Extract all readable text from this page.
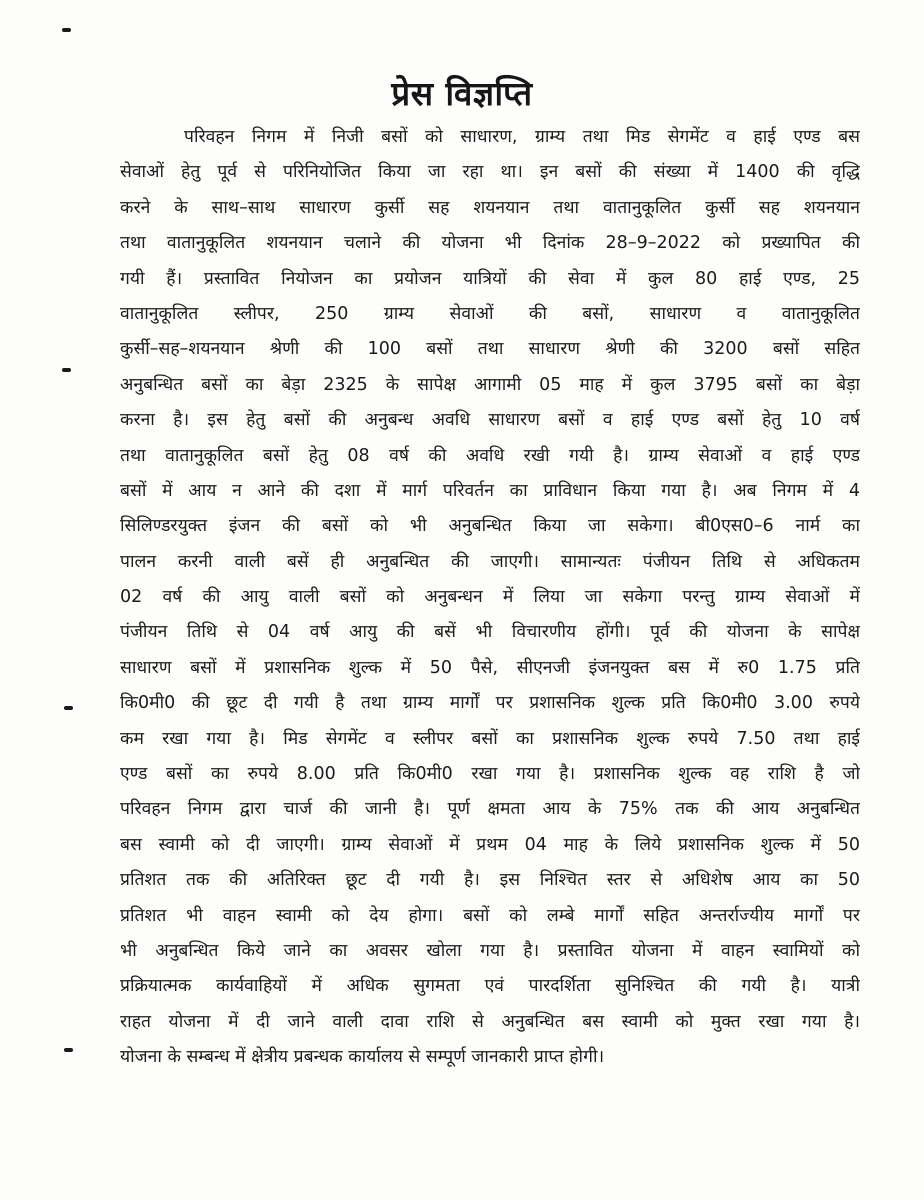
प्रेस विज्ञप्ति
परिवहन निगम में निजी बसों को साधारण, ग्राम्य तथा मिड सेगमेंट व हाई एण्ड बस
सेवाओं हेतु पूर्व से परिनियोजित किया जा रहा था। इन बसों की संख्या में 1400 की वृद्धि
करने के साथ–साथ साधारण कुर्सी सह शयनयान तथा वातानुकूलित कुर्सी सह शयनयान
तथा वातानुकूलित शयनयान चलाने की योजना भी दिनांक 28–9–2022 को प्रख्यापित की
गयी हैं। प्रस्तावित नियोजन का प्रयोजन यात्रियों की सेवा में कुल 80 हाई एण्ड, 25
वातानुकूलित स्लीपर, 250 ग्राम्य सेवाओं की बसों, साधारण व वातानुकूलित
कुर्सी–सह–शयनयान श्रेणी की 100 बसों तथा साधारण श्रेणी की 3200 बसों सहित
अनुबन्धित बसों का बेड़ा 2325 के सापेक्ष आगामी 05 माह में कुल 3795 बसों का बेड़ा
करना है। इस हेतु बसों की अनुबन्ध अवधि साधारण बसों व हाई एण्ड बसों हेतु 10 वर्ष
तथा वातानुकूलित बसों हेतु 08 वर्ष की अवधि रखी गयी है। ग्राम्य सेवाओं व हाई एण्ड
बसों में आय न आने की दशा में मार्ग परिवर्तन का प्राविधान किया गया है। अब निगम में 4
सिलिण्डरयुक्त इंजन की बसों को भी अनुबन्धित किया जा सकेगा। बी0एस0–6 नार्म का
पालन करनी वाली बसें ही अनुबन्धित की जाएगी। सामान्यतः पंजीयन तिथि से अधिकतम
02 वर्ष की आयु वाली बसों को अनुबन्धन में लिया जा सकेगा परन्तु ग्राम्य सेवाओं में
पंजीयन तिथि से 04 वर्ष आयु की बसें भी विचारणीय होंगी। पूर्व की योजना के सापेक्ष
साधारण बसों में प्रशासनिक शुल्क में 50 पैसे, सीएनजी इंजनयुक्त बस में रु0 1.75 प्रति
कि0मी0 की छूट दी गयी है तथा ग्राम्य मार्गों पर प्रशासनिक शुल्क प्रति कि0मी0 3.00 रुपये
कम रखा गया है। मिड सेगमेंट व स्लीपर बसों का प्रशासनिक शुल्क रुपये 7.50 तथा हाई
एण्ड बसों का रुपये 8.00 प्रति कि0मी0 रखा गया है। प्रशासनिक शुल्क वह राशि है जो
परिवहन निगम द्वारा चार्ज की जानी है। पूर्ण क्षमता आय के 75% तक की आय अनुबन्धित
बस स्वामी को दी जाएगी। ग्राम्य सेवाओं में प्रथम 04 माह के लिये प्रशासनिक शुल्क में 50
प्रतिशत तक की अतिरिक्त छूट दी गयी है। इस निश्चित स्तर से अधिशेष आय का 50
प्रतिशत भी वाहन स्वामी को देय होगा। बसों को लम्बे मार्गों सहित अन्तर्राज्यीय मार्गों पर
भी अनुबन्धित किये जाने का अवसर खोला गया है। प्रस्तावित योजना में वाहन स्वामियों को
प्रक्रियात्मक कार्यवाहियों में अधिक सुगमता एवं पारदर्शिता सुनिश्चित की गयी है। यात्री
राहत योजना में दी जाने वाली दावा राशि से अनुबन्धित बस स्वामी को मुक्त रखा गया है।
योजना के सम्बन्ध में क्षेत्रीय प्रबन्धक कार्यालय से सम्पूर्ण जानकारी प्राप्त होगी।
